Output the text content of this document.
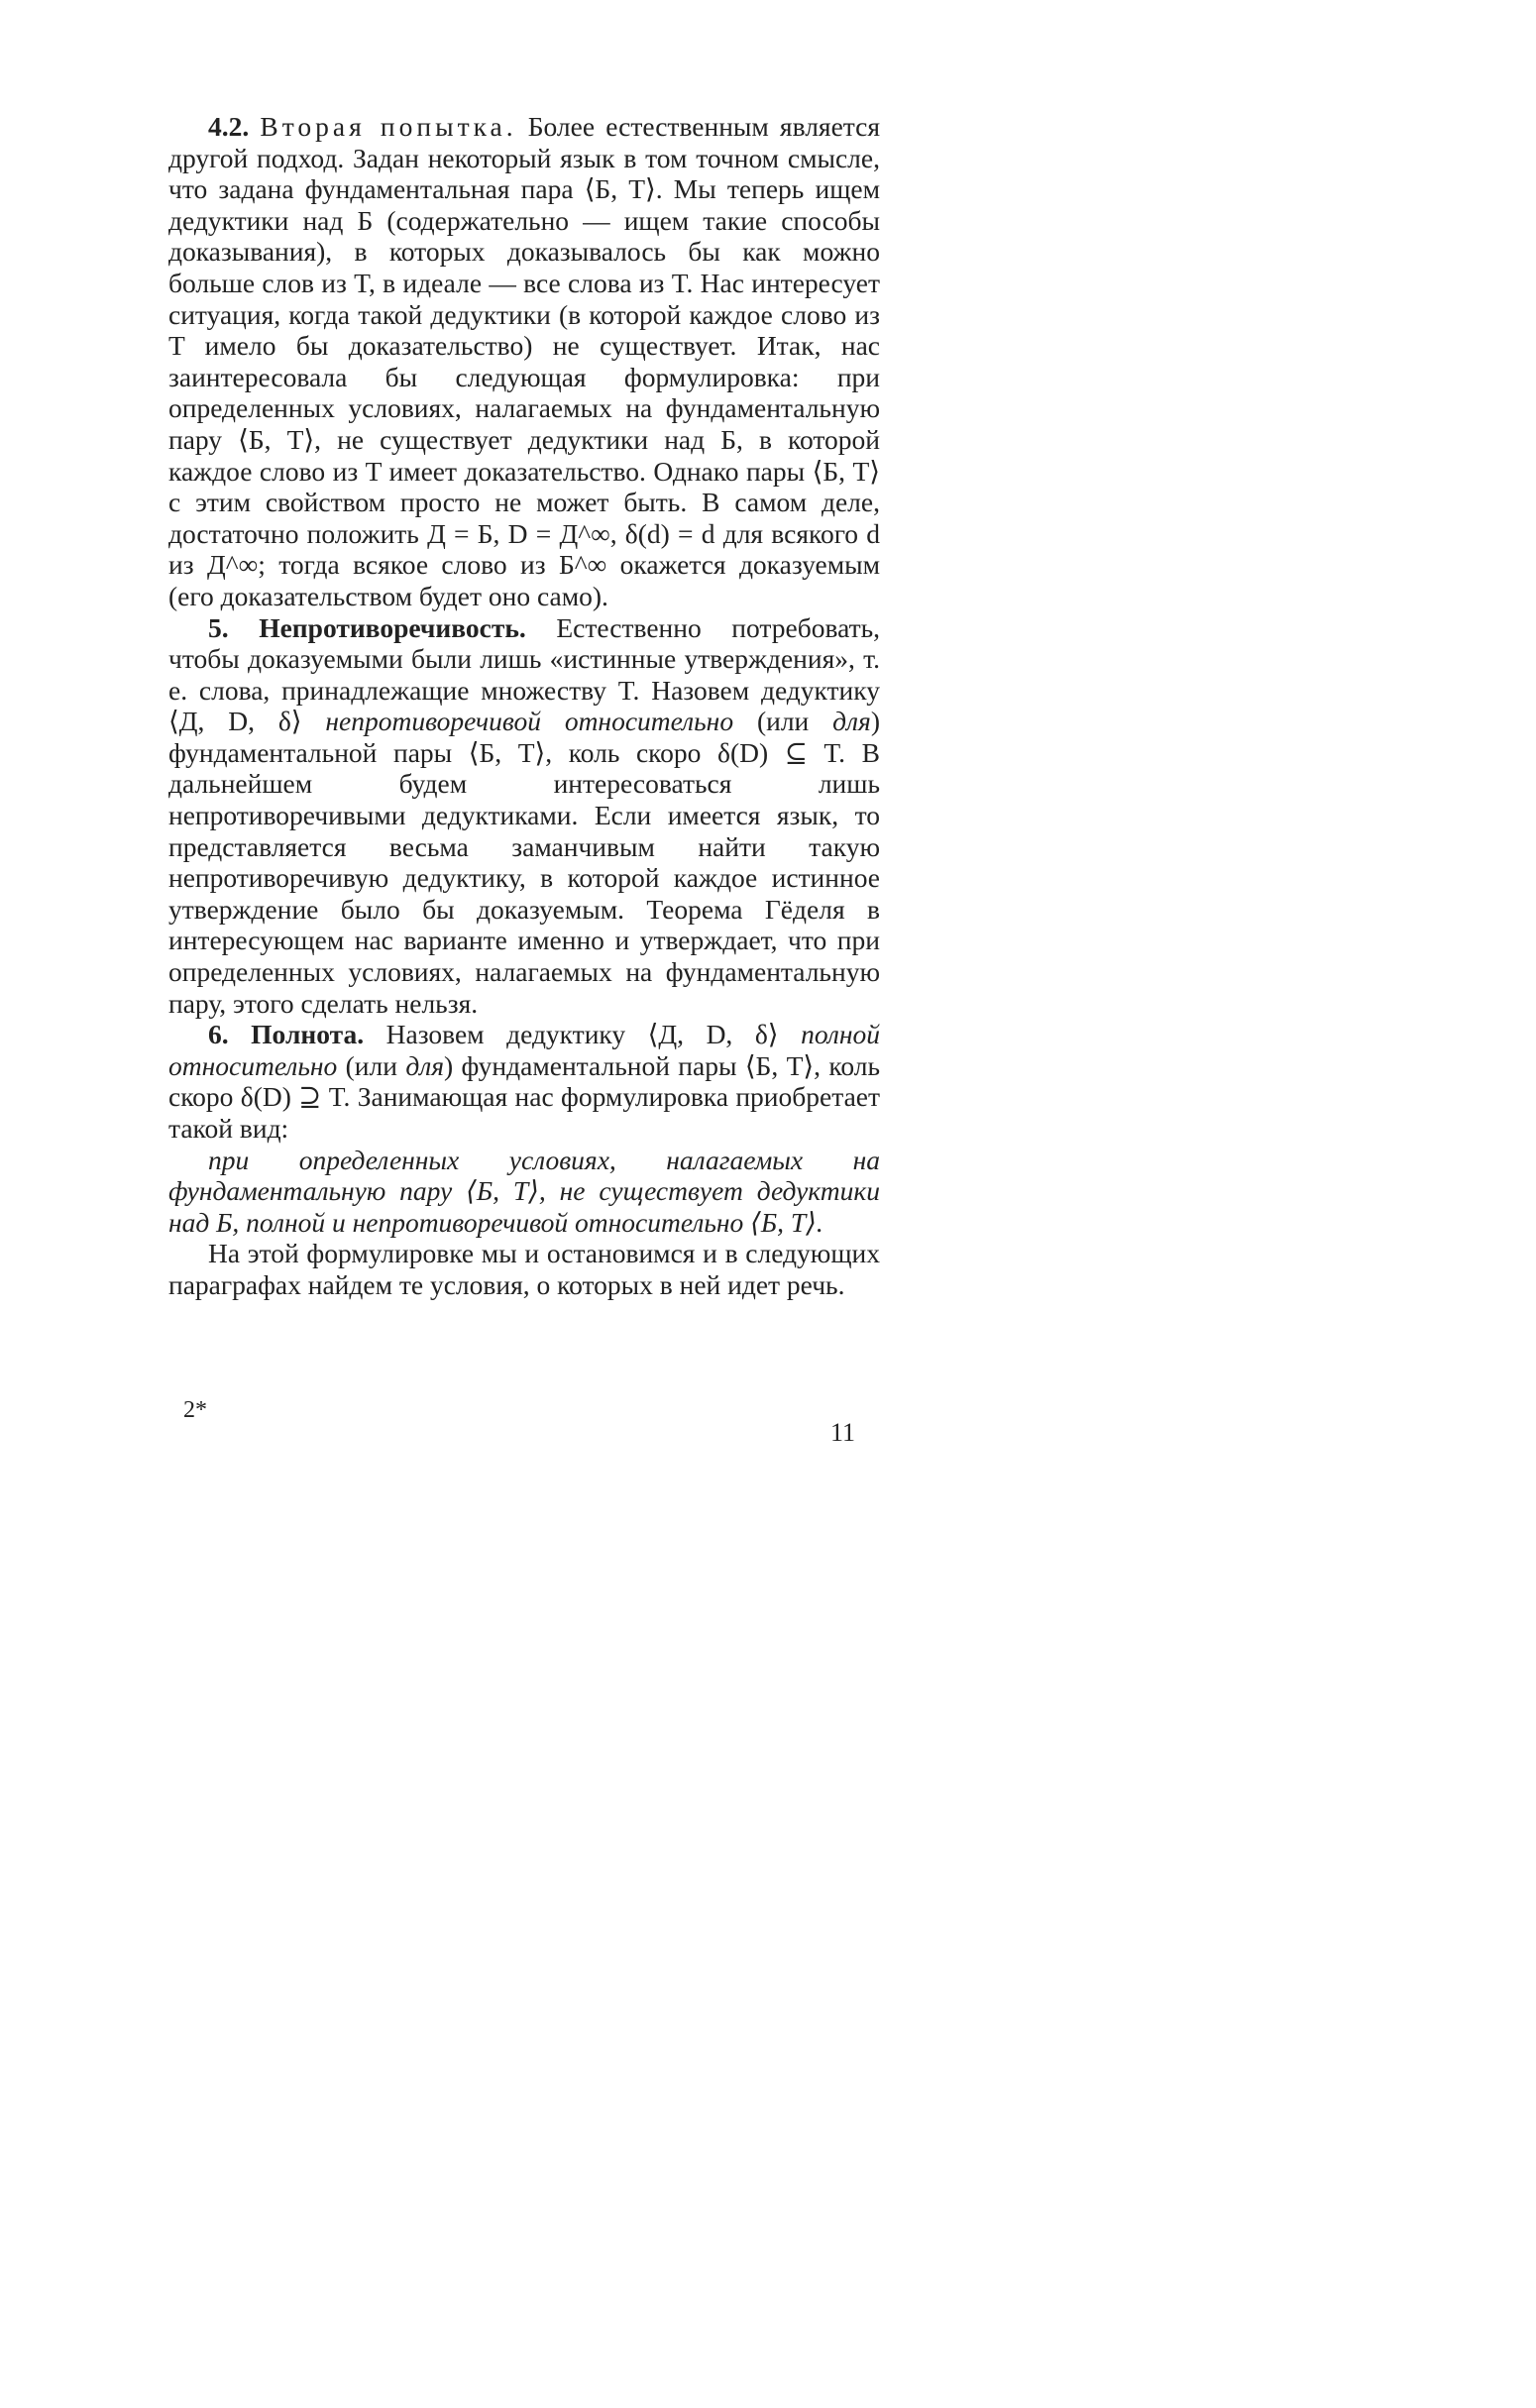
4.2. Вторая попытка. Более естественным является другой подход. Задан некоторый язык в том точном смысле, что задана фундаментальная пара ⟨Б, T⟩. Мы теперь ищем дедуктики над Б (содержательно — ищем такие способы доказывания), в которых доказывалось бы как можно больше слов из T, в идеале — все слова из T. Нас интересует ситуация, когда такой дедуктики (в которой каждое слово из T имело бы доказательство) не существует. Итак, нас заинтересовала бы следующая формулировка: при определенных условиях, налагаемых на фундаментальную пару ⟨Б, T⟩, не существует дедуктики над Б, в которой каждое слово из T имеет доказательство. Однако пары ⟨Б, T⟩ с этим свойством просто не может быть. В самом деле, достаточно положить Д = Б, D = Д^∞, δ(d) = d для всякого d из Д^∞; тогда всякое слово из Б^∞ окажется доказуемым (его доказательством будет оно само).

5. Непротиворечивость. Естественно потребовать, чтобы доказуемыми были лишь «истинные утверждения», т. е. слова, принадлежащие множеству T. Назовем дедуктику ⟨Д, D, δ⟩ непротиворечивой относительно (или для) фундаментальной пары ⟨Б, T⟩, коль скоро δ(D) ⊆ T. В дальнейшем будем интересоваться лишь непротиворечивыми дедуктиками. Если имеется язык, то представляется весьма заманчивым найти такую непротиворечивую дедуктику, в которой каждое истинное утверждение было бы доказуемым. Теорема Гёделя в интересующем нас варианте именно и утверждает, что при определенных условиях, налагаемых на фундаментальную пару, этого сделать нельзя.

6. Полнота. Назовем дедуктику ⟨Д, D, δ⟩ полной относительно (или для) фундаментальной пары ⟨Б, T⟩, коль скоро δ(D) ⊇ T. Занимающая нас формулировка приобретает такой вид:

при определенных условиях, налагаемых на фундаментальную пару ⟨Б, T⟩, не существует дедуктики над Б, полной и непротиворечивой относительно ⟨Б, T⟩.

На этой формулировке мы и остановимся и в следующих параграфах найдем те условия, о которых в ней идет речь.

2*
11
